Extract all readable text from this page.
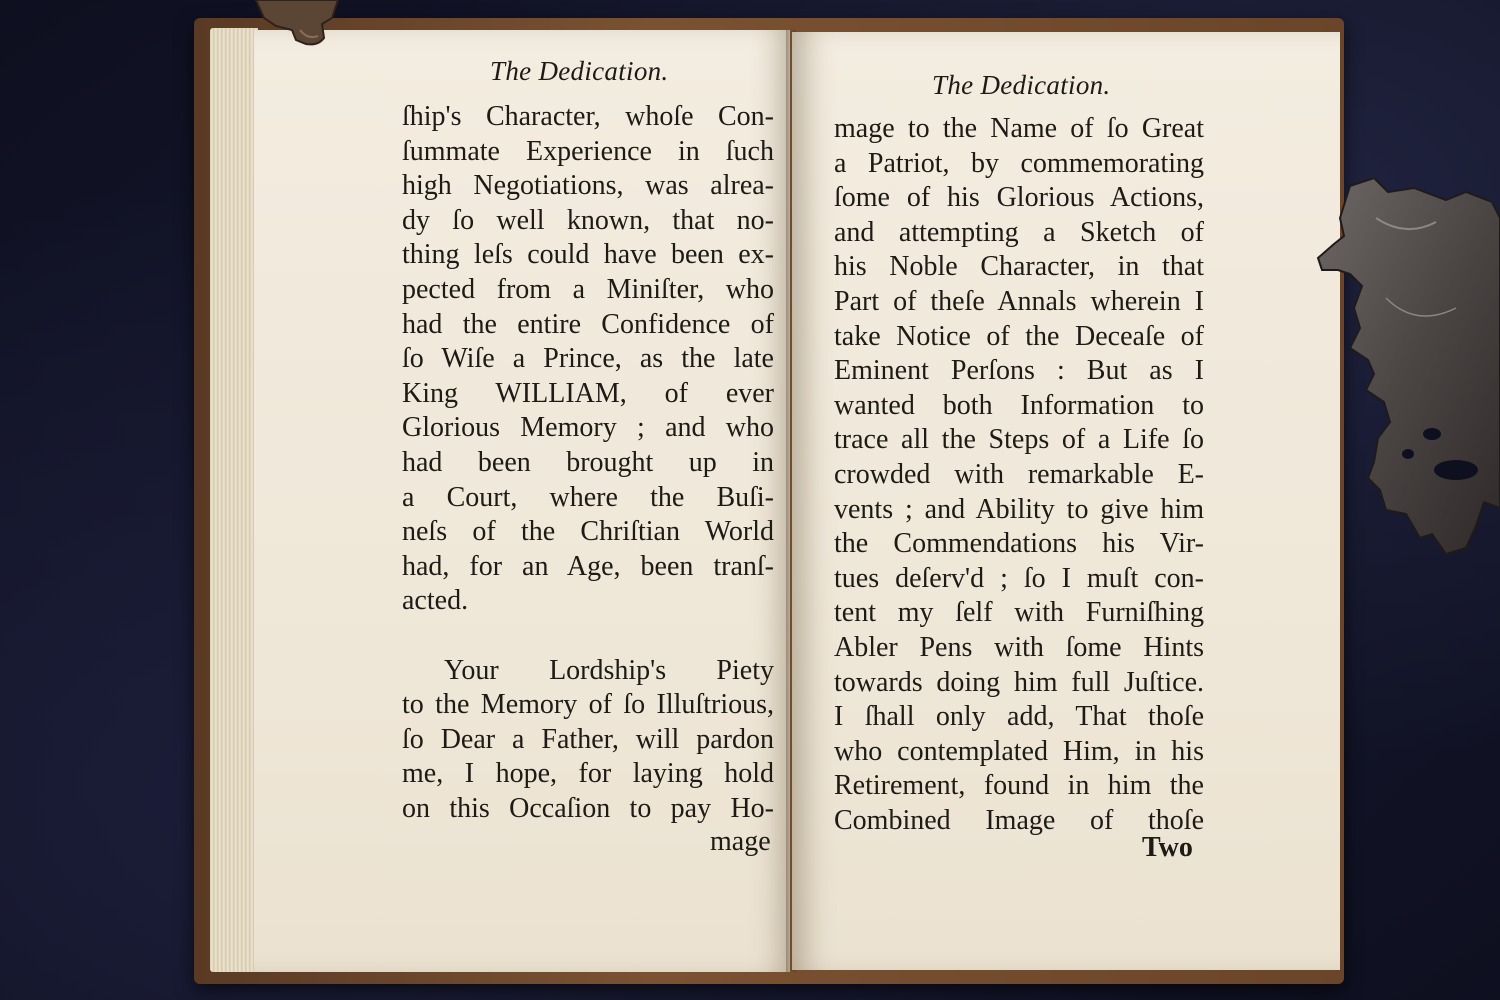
The Dedication.
ſhip's Character, whoſe Con-
ſummate Experience in ſuch
high Negotiations, was alrea-
dy ſo well known, that no-
thing leſs could have been ex-
pected from a Miniſter, who
had the entire Confidence of
ſo Wiſe a Prince, as the late
King WILLIAM, of ever
Glorious Memory ; and who
had been brought up in
a Court, where the Buſi-
neſs of the Chriſtian World
had, for an Age, been tranſ-
acted.
Your Lordship's Piety
to the Memory of ſo Illuſtrious,
ſo Dear a Father, will pardon
me, I hope, for laying hold
on this Occaſion to pay Ho-
mage
The Dedication.
mage to the Name of ſo Great
a Patriot, by commemorating
ſome of his Glorious Actions,
and attempting a Sketch of
his Noble Character, in that
Part of theſe Annals wherein I
take Notice of the Deceaſe of
Eminent Perſons : But as I
wanted both Information to
trace all the Steps of a Life ſo
crowded with remarkable E-
vents ; and Ability to give him
the Commendations his Vir-
tues deſerv'd ; ſo I muſt con-
tent my ſelf with Furniſhing
Abler Pens with ſome Hints
towards doing him full Juſtice.
I ſhall only add, That thoſe
who contemplated Him, in his
Retirement, found in him the
Combined Image of thoſe
Two
